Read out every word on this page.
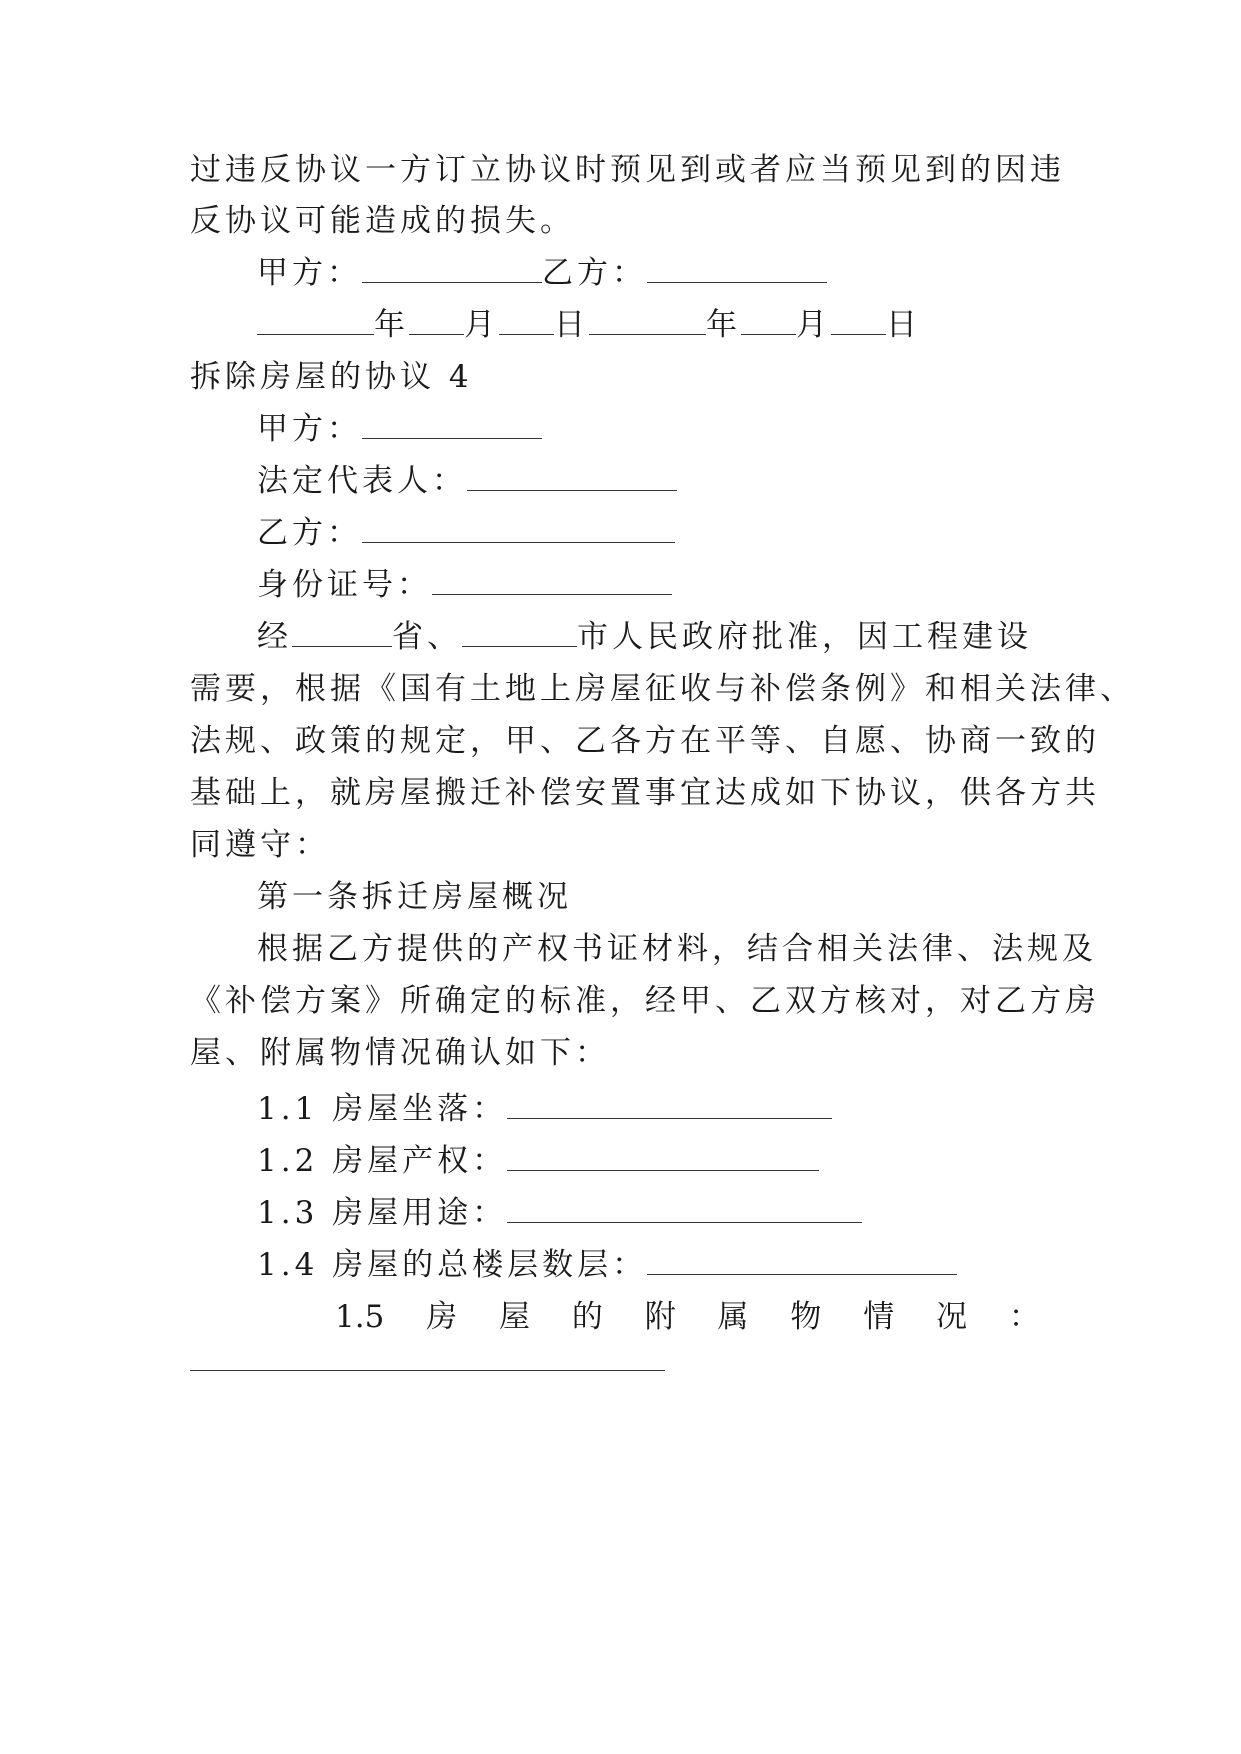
过违反协议一方订立协议时预见到或者应当预见到的因违
反协议可能造成的损失。
甲方：	乙方：
年 月 日	年 月 日
拆除房屋的协议 4
甲方：
法定代表人：
乙方：
身份证号：
经	省、	市人民政府批准，因工程建设
需要，根据《国有土地上房屋征收与补偿条例》和相关法律、
法规、政策的规定，甲、乙各方在平等、自愿、协商一致的
基础上，就房屋搬迁补偿安置事宜达成如下协议，供各方共
同遵守：
第一条拆迁房屋概况
根据乙方提供的产权书证材料，结合相关法律、法规及
《补偿方案》所确定的标准，经甲、乙双方核对，对乙方房
屋、附属物情况确认如下：
1.1 房屋坐落：
1.2 房屋产权：
1.3 房屋用途：
1.4 房屋的总楼层数层：
1.5 房 屋 的 附 属 物 情 况 ：
